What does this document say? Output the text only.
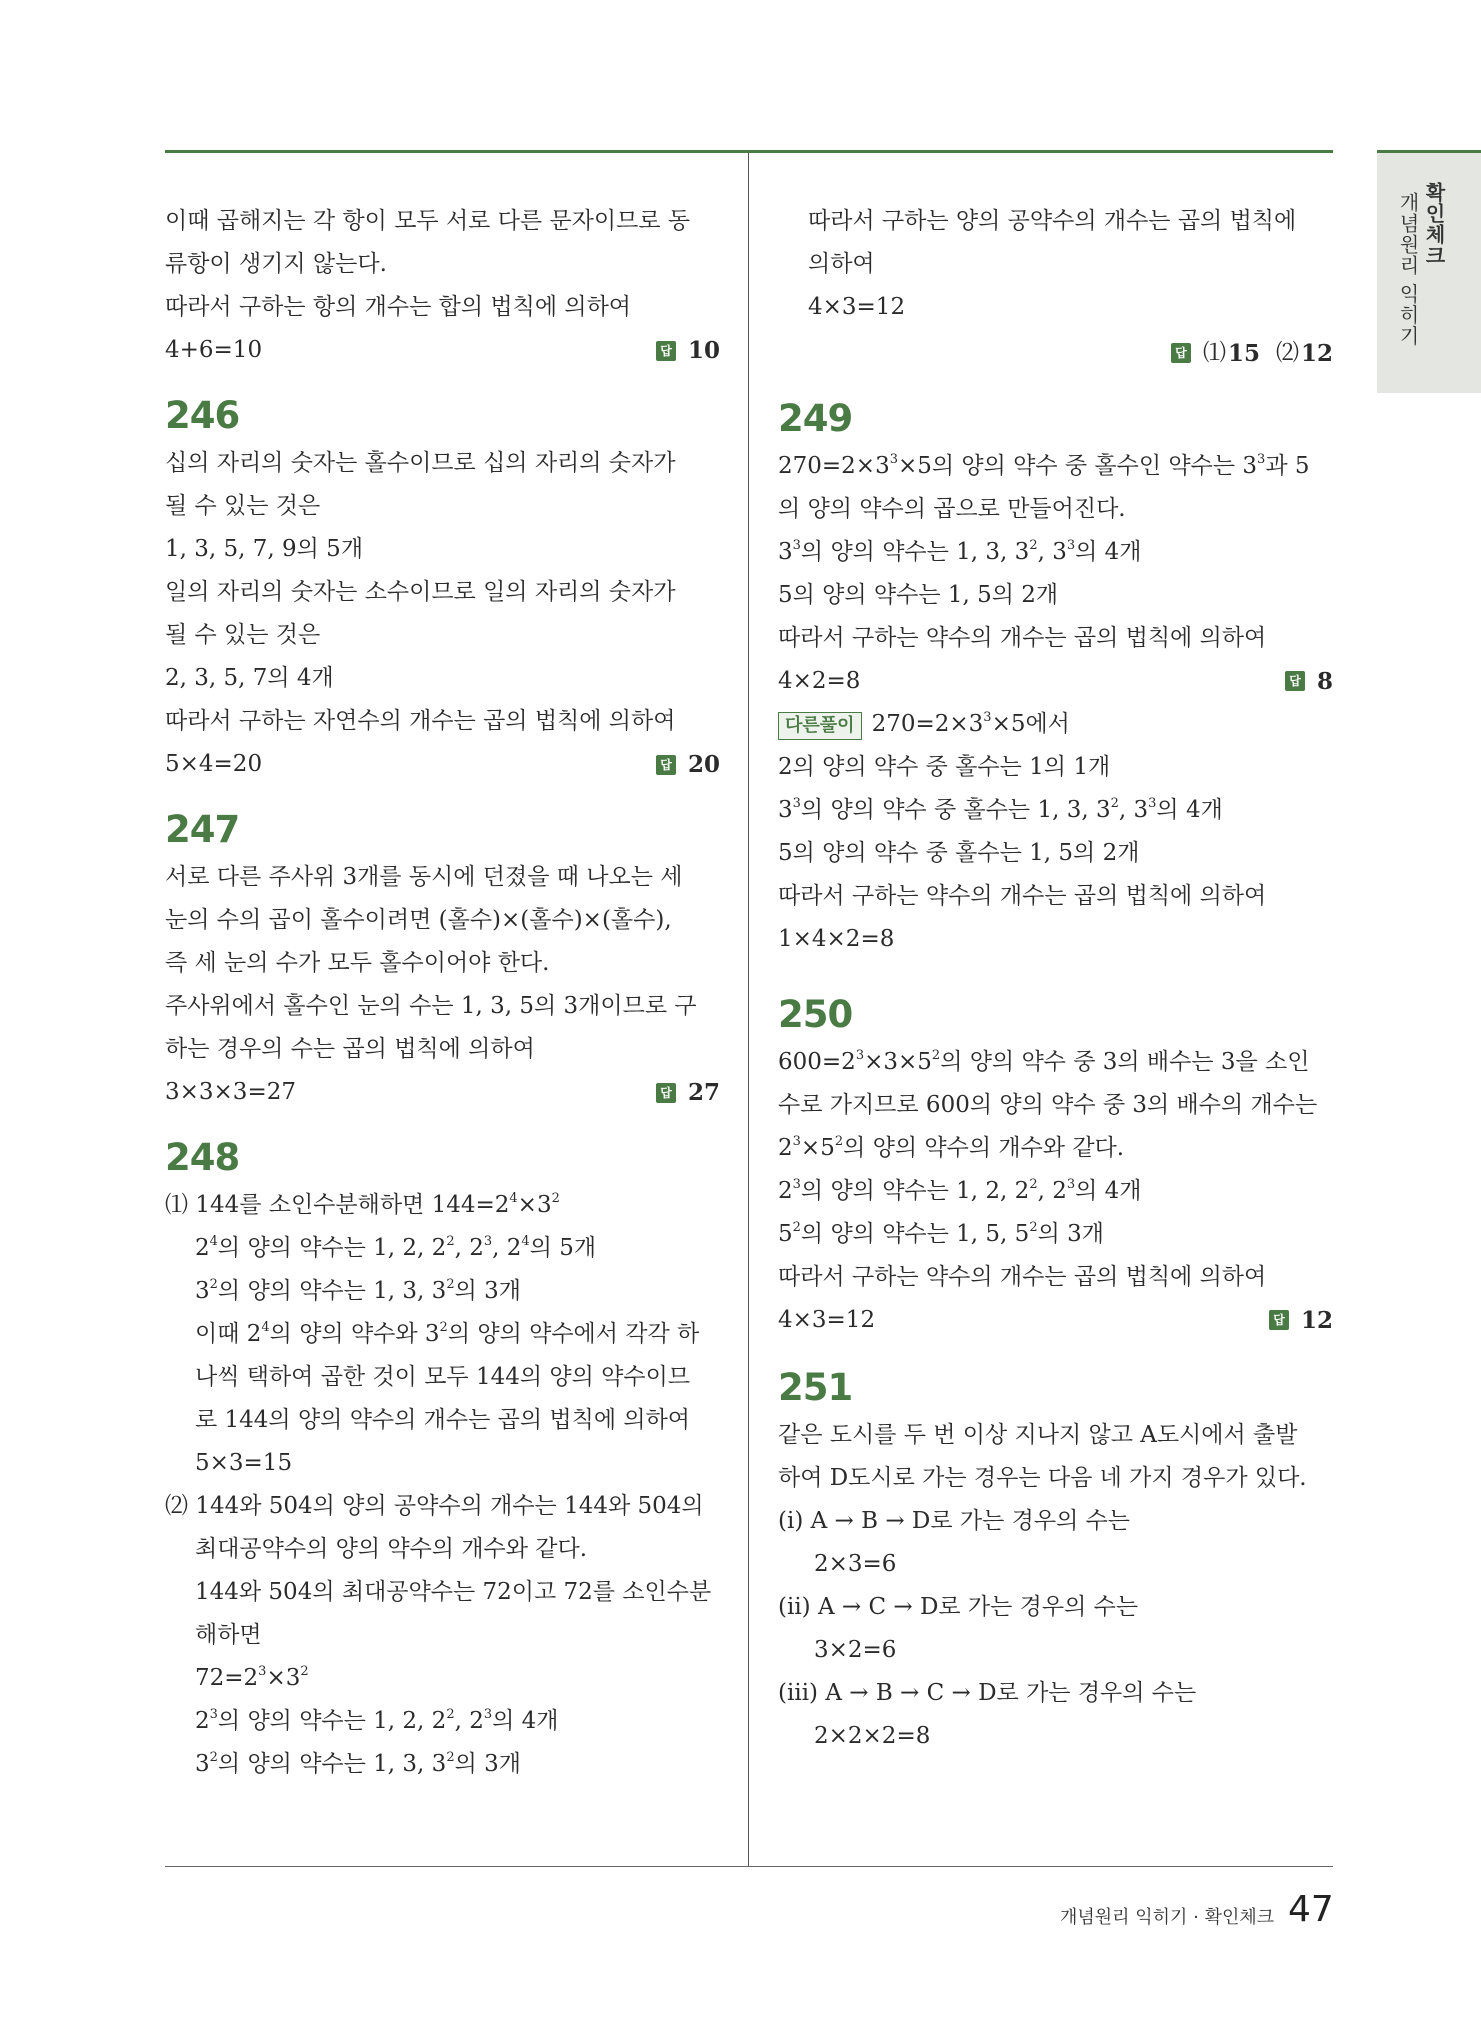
확인체크
개념원리 익히기
이때 곱해지는 각 항이 모두 서로 다른 문자이므로 동
류항이 생기지 않는다.
따라서 구하는 항의 개수는 합의 법칙에 의하여
4+6=10	답 10
246
십의 자리의 숫자는 홀수이므로 십의 자리의 숫자가
될 수 있는 것은
1, 3, 5, 7, 9의 5개
일의 자리의 숫자는 소수이므로 일의 자리의 숫자가
될 수 있는 것은
2, 3, 5, 7의 4개
따라서 구하는 자연수의 개수는 곱의 법칙에 의하여
5×4=20	답 20
247
서로 다른 주사위 3개를 동시에 던졌을 때 나오는 세
눈의 수의 곱이 홀수이려면 (홀수)×(홀수)×(홀수),
즉 세 눈의 수가 모두 홀수이어야 한다.
주사위에서 홀수인 눈의 수는 1, 3, 5의 3개이므로 구
하는 경우의 수는 곱의 법칙에 의하여
3×3×3=27	답 27
248
⑴ 144를 소인수분해하면 $144=2^4\times 3^2$
$2^4$의 양의 약수는 1, 2, $2^2$, $2^3$, $2^4$의 5개
$3^2$의 양의 약수는 1, 3, $3^2$의 3개
이때 $2^4$의 양의 약수와 $3^2$의 양의 약수에서 각각 하
나씩 택하여 곱한 것이 모두 144의 양의 약수이므
로 144의 양의 약수의 개수는 곱의 법칙에 의하여
5×3=15
⑵ 144와 504의 양의 공약수의 개수는 144와 504의
최대공약수의 양의 약수의 개수와 같다.
144와 504의 최대공약수는 72이고 72를 소인수분
해하면
$72=2^3\times 3^2$
$2^3$의 양의 약수는 1, 2, $2^2$, $2^3$의 4개
$3^2$의 양의 약수는 1, 3, $3^2$의 3개
따라서 구하는 양의 공약수의 개수는 곱의 법칙에
의하여
4×3=12
답 ⑴ 15 ⑵ 12
249
$270=2\times 3^3\times 5$의 양의 약수 중 홀수인 약수는 $3^3$과 5
의 양의 약수의 곱으로 만들어진다.
$3^3$의 양의 약수는 1, 3, $3^2$, $3^3$의 4개
5의 양의 약수는 1, 5의 2개
따라서 구하는 약수의 개수는 곱의 법칙에 의하여
4×2=8	답 8
다른풀이 $270=2\times 3^3\times 5$에서
2의 양의 약수 중 홀수는 1의 1개
$3^3$의 양의 약수 중 홀수는 1, 3, $3^2$, $3^3$의 4개
5의 양의 약수 중 홀수는 1, 5의 2개
따라서 구하는 약수의 개수는 곱의 법칙에 의하여
1×4×2=8
250
$600=2^3\times 3\times 5^2$의 양의 약수 중 3의 배수는 3을 소인
수로 가지므로 600의 양의 약수 중 3의 배수의 개수는
$2^3\times 5^2$의 양의 약수의 개수와 같다.
$2^3$의 양의 약수는 1, 2, $2^2$, $2^3$의 4개
$5^2$의 양의 약수는 1, 5, $5^2$의 3개
따라서 구하는 약수의 개수는 곱의 법칙에 의하여
4×3=12	답 12
251
같은 도시를 두 번 이상 지나지 않고 A도시에서 출발
하여 D도시로 가는 경우는 다음 네 가지 경우가 있다.
(ⅰ) A → B → D로 가는 경우의 수는
2×3=6
(ⅱ) A → C → D로 가는 경우의 수는
3×2=6
(ⅲ) A → B → C → D로 가는 경우의 수는
2×2×2=8
개념원리 익히기 · 확인체크 47
